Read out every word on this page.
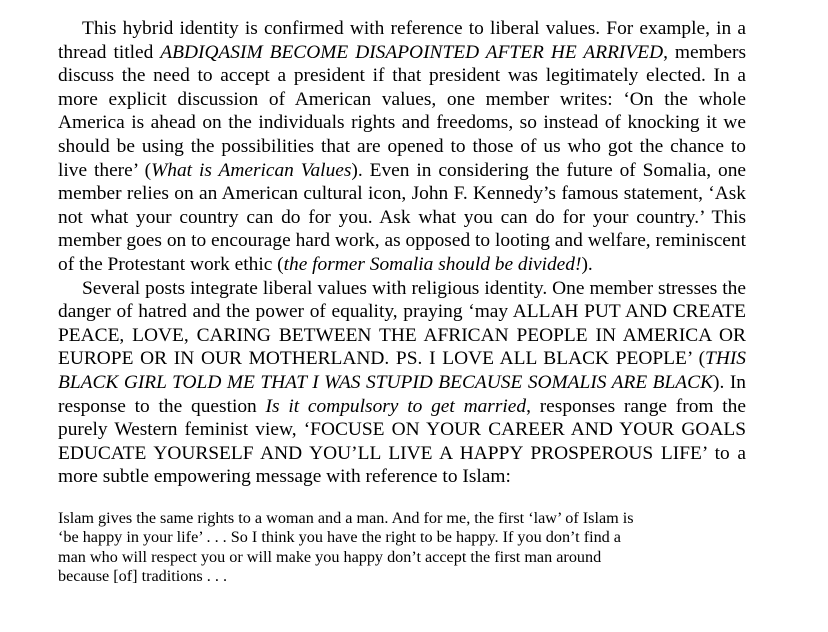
This hybrid identity is confirmed with reference to liberal values. For example, in a thread titled ABDIQASIM BECOME DISAPOINTED AFTER HE ARRIVED, members discuss the need to accept a president if that president was legitimately elected. In a more explicit discussion of American values, one member writes: ‘On the whole America is ahead on the individuals rights and freedoms, so instead of knocking it we should be using the possibilities that are opened to those of us who got the chance to live there’ (What is American Values). Even in considering the future of Somalia, one member relies on an American cultural icon, John F. Kennedy’s famous statement, ‘Ask not what your country can do for you. Ask what you can do for your country.’ This member goes on to encourage hard work, as opposed to looting and welfare, reminiscent of the Protestant work ethic (the former Somalia should be divided!).

Several posts integrate liberal values with religious identity. One member stresses the danger of hatred and the power of equality, praying ‘may ALLAH PUT AND CREATE PEACE, LOVE, CARING BETWEEN THE AFRICAN PEOPLE IN AMERICA OR EUROPE OR IN OUR MOTHERLAND. PS. I LOVE ALL BLACK PEOPLE’ (THIS BLACK GIRL TOLD ME THAT I WAS STUPID BECAUSE SOMALIS ARE BLACK). In response to the question Is it compulsory to get married, responses range from the purely Western feminist view, ‘FOCUSE ON YOUR CAREER AND YOUR GOALS EDUCATE YOURSELF AND YOU’LL LIVE A HAPPY PROSPEROUS LIFE’ to a more subtle empowering message with reference to Islam:

Islam gives the same rights to a woman and a man. And for me, the first ‘law’ of Islam is
‘be happy in your life’ . . . So I think you have the right to be happy. If you don’t find a
man who will respect you or will make you happy don’t accept the first man around
because [of] traditions . . .
